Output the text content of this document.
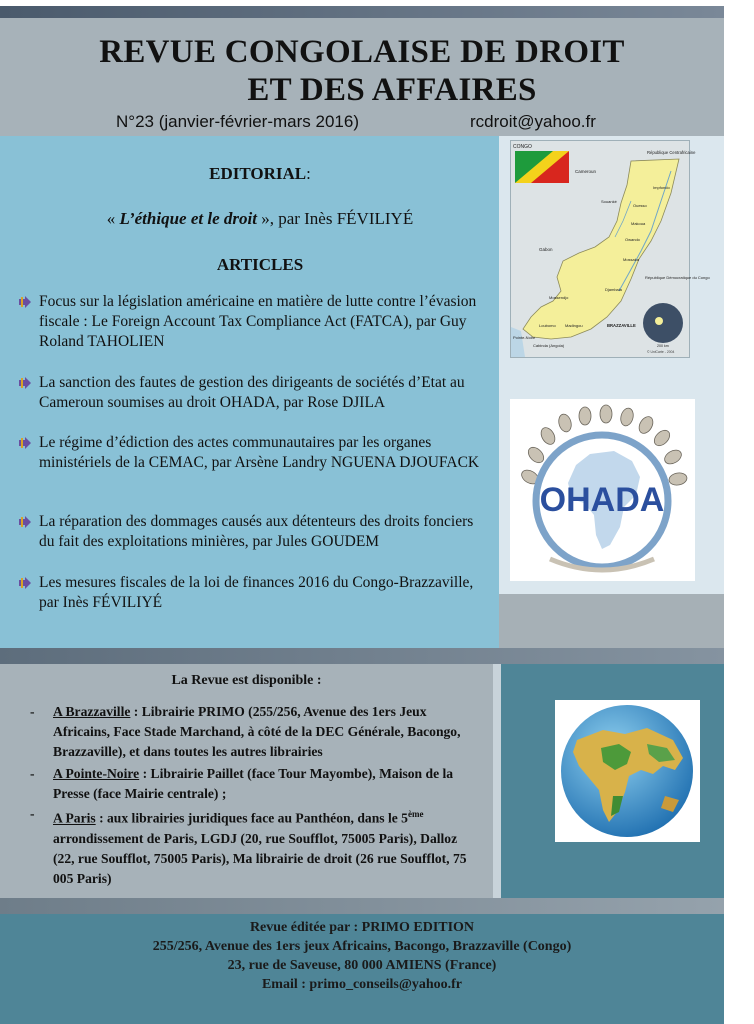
REVUE CONGOLAISE DE DROIT
ET DES AFFAIRES
N°23 (janvier-février-mars 2016)	rcdroit@yahoo.fr
EDITORIAL:
« L’éthique et le droit », par Inès FÉVILIYÉ
ARTICLES
Focus sur la législation américaine en matière de lutte contre l’évasion fiscale : Le Foreign Account Tax Compliance Act (FATCA), par Guy Roland TAHOLIEN
La sanction des fautes de gestion des dirigeants de sociétés d’Etat au Cameroun soumises au droit OHADA, par Rose DJILA
Le régime d’édiction des actes communautaires par les organes ministériels de la CEMAC, par Arsène Landry NGUENA DJOUFACK
La réparation des dommages causés aux détenteurs des droits fonciers du fait des exploitations minières, par Jules GOUDEM
Les mesures fiscales de la loi de finances 2016 du Congo-Brazzaville, par Inès FÉVILIYÉ
CONGO
République Centrafricaine
Cameroun
Gabon
Souanké
Ouesso
Impfondo
Makoua
Owando
Mossaka
Djambala
Mossendjo
Loubomo Madingou	BRAZZAVILLE
Pointe-Noire
Cabinda (Angola)
République Démocratique du Congo
200 km
© UniCarte - 2004
OHADA
La Revue est disponible :
- A Brazzaville : Librairie PRIMO (255/256, Avenue des 1ers Jeux Africains, Face Stade Marchand, à côté de la DEC Générale, Bacongo, Brazzaville), et dans toutes les autres librairies
- A Pointe-Noire : Librairie Paillet (face Tour Mayombe), Maison de la Presse (face Mairie centrale) ;
- A Paris : aux librairies juridiques face au Panthéon, dans le 5ème arrondissement de Paris, LGDJ (20, rue Soufflot, 75005 Paris), Dalloz (22, rue Soufflot, 75005 Paris), Ma librairie de droit (26 rue Soufflot, 75 005 Paris)
Revue éditée par : PRIMO EDITION
255/256, Avenue des 1ers jeux Africains, Bacongo, Brazzaville (Congo)
23, rue de Saveuse, 80 000 AMIENS (France)
Email : primo_conseils@yahoo.fr
